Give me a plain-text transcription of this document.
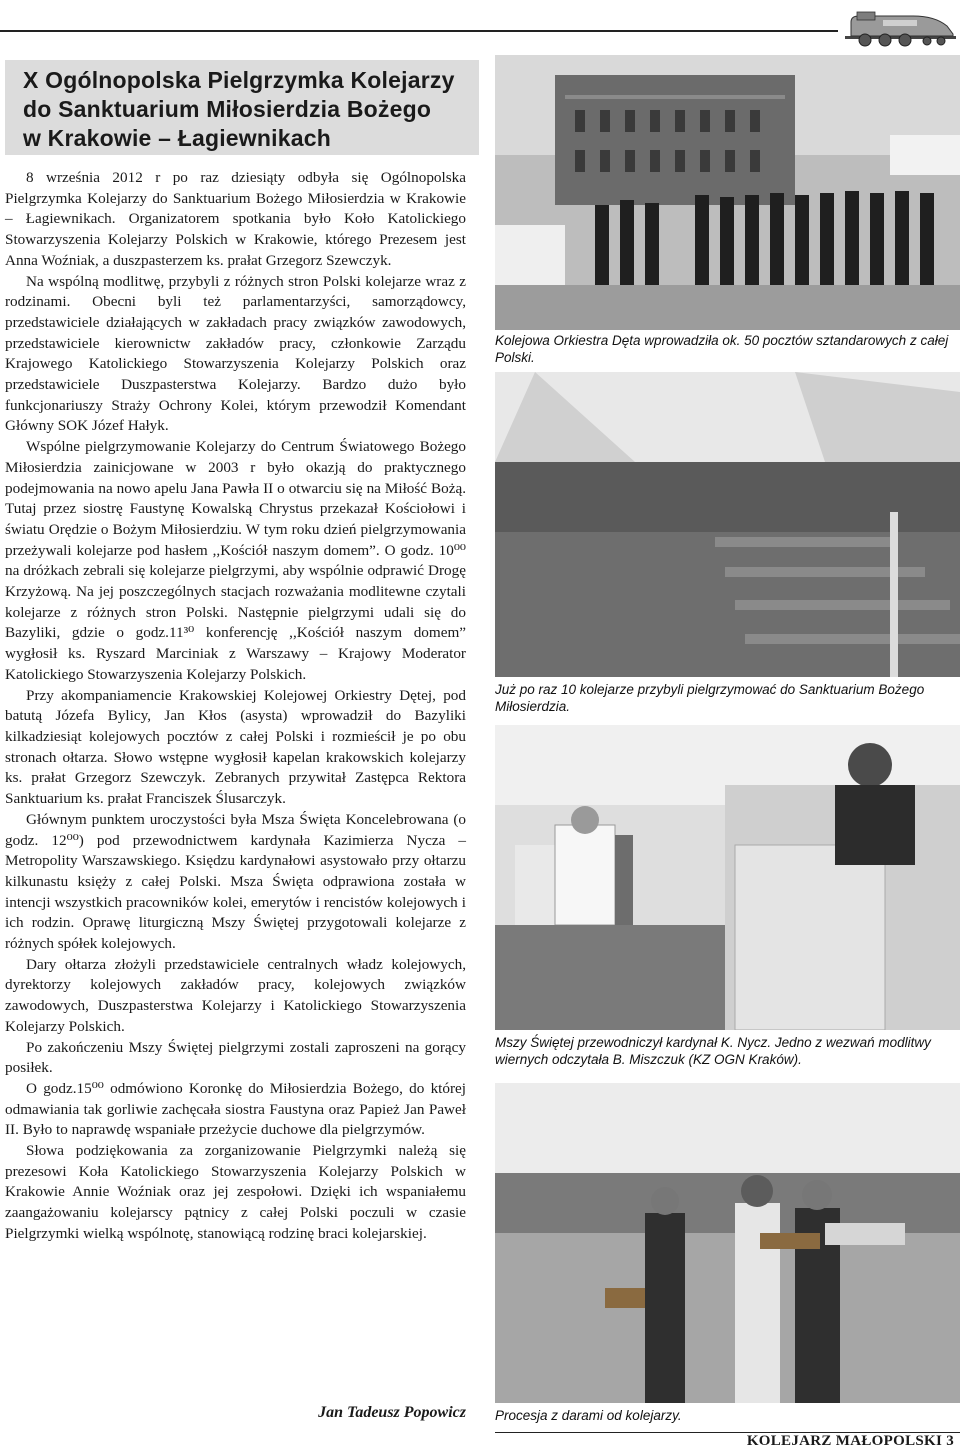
X Ogólnopolska Pielgrzymka Kolejarzy
do Sanktuarium Miłosierdzia Bożego
w Krakowie – Łagiewnikach

8 września 2012 r po raz dziesiąty odbyła się Ogólnopolska Pielgrzymka Kolejarzy do Sanktuarium Bożego Miłosierdzia w Krakowie – Łagiewnikach. Organizatorem spotkania było Koło Katolickiego Stowarzyszenia Kolejarzy Polskich w Krakowie, którego Prezesem jest Anna Woźniak, a duszpasterzem ks. prałat Grzegorz Szewczyk.

Na wspólną modlitwę, przybyli z różnych stron Polski kolejarze wraz z rodzinami. Obecni byli też parlamentarzyści, samorządowcy, przedstawiciele działających w zakładach pracy związków zawodowych, przedstawiciele kierownictw zakładów pracy, członkowie Zarządu Krajowego Katolickiego Stowarzyszenia Kolejarzy Polskich oraz przedstawiciele Duszpasterstwa Kolejarzy. Bardzo dużo było funkcjonariuszy Straży Ochrony Kolei, którym przewodził Komendant Główny SOK Józef Hałyk.

Wspólne pielgrzymowanie Kolejarzy do Centrum Światowego Bożego Miłosierdzia zainicjowane w 2003 r było okazją do praktycznego podejmowania na nowo apelu Jana Pawła II o otwarciu się na Miłość Bożą. Tutaj przez siostrę Faustynę Kowalską Chrystus przekazał Kościołowi i światu Orędzie o Bożym Miłosierdziu. W tym roku dzień pielgrzymowania przeżywali kolejarze pod hasłem ,,Kościół naszym domem”. O godz. 10⁰⁰ na dróżkach zebrali się kolejarze pielgrzymi, aby wspólnie odprawić Drogę Krzyżową. Na jej poszczególnych stacjach rozważania modlitewne czytali kolejarze z różnych stron Polski. Następnie pielgrzymi udali się do Bazyliki, gdzie o godz.11³⁰ konferencję ,,Kościół naszym domem” wygłosił ks. Ryszard Marciniak z Warszawy – Krajowy Moderator Katolickiego Stowarzyszenia Kolejarzy Polskich.

Przy akompaniamencie Krakowskiej Kolejowej Orkiestry Dętej, pod batutą Józefa Bylicy, Jan Kłos (asysta) wprowadził do Bazyliki kilkadziesiąt kolejowych pocztów z całej Polski i rozmieścił je po obu stronach ołtarza. Słowo wstępne wygłosił kapelan krakowskich kolejarzy ks. prałat Grzegorz Szewczyk. Zebranych przywitał Zastępca Rektora Sanktuarium ks. prałat Franciszek Ślusarczyk.

Głównym punktem uroczystości była Msza Święta Koncelebrowana (o godz. 12⁰⁰) pod przewodnictwem kardynała Kazimierza Nycza – Metropolity Warszawskiego. Księdzu kardynałowi asystowało przy ołtarzu kilkunastu księży z całej Polski. Msza Święta odprawiona została w intencji wszystkich pracowników kolei, emerytów i rencistów kolejowych i ich rodzin. Oprawę liturgiczną Mszy Świętej przygotowali kolejarze z różnych spółek kolejowych.

Dary ołtarza złożyli przedstawiciele centralnych władz kolejowych, dyrektorzy kolejowych zakładów pracy, kolejowych związków zawodowych, Duszpasterstwa Kolejarzy i Katolickiego Stowarzyszenia Kolejarzy Polskich.

Po zakończeniu Mszy Świętej pielgrzymi zostali zaproszeni na gorący posiłek.

O godz.15⁰⁰ odmówiono Koronkę do Miłosierdzia Bożego, do której odmawiania tak gorliwie zachęcała siostra Faustyna oraz Papież Jan Paweł II. Było to naprawdę wspaniałe przeżycie duchowe dla pielgrzymów.

Słowa podziękowania za zorganizowanie Pielgrzymki należą się prezesowi Koła Katolickiego Stowarzyszenia Kolejarzy Polskich w Krakowie Annie Woźniak oraz jej zespołowi. Dzięki ich wspaniałemu zaangażowaniu kolejarscy pątnicy z całej Polski poczuli w czasie Pielgrzymki wielką wspólnotę, stanowiącą rodzinę braci kolejarskiej.

Jan Tadeusz Popowicz
Kolejowa Orkiestra Dęta wprowadziła ok. 50 pocztów sztandarowych z całej Polski.
Już po raz 10 kolejarze przybyli pielgrzymować do Sanktuarium Bożego Miłosierdzia.
Mszy Świętej przewodniczył kardynał K. Nycz. Jedno z wezwań modlitwy wiernych odczytała B. Miszczuk (KZ OGN Kraków).
Procesja z darami od kolejarzy.
KOLEJARZ MAŁOPOLSKI 3
